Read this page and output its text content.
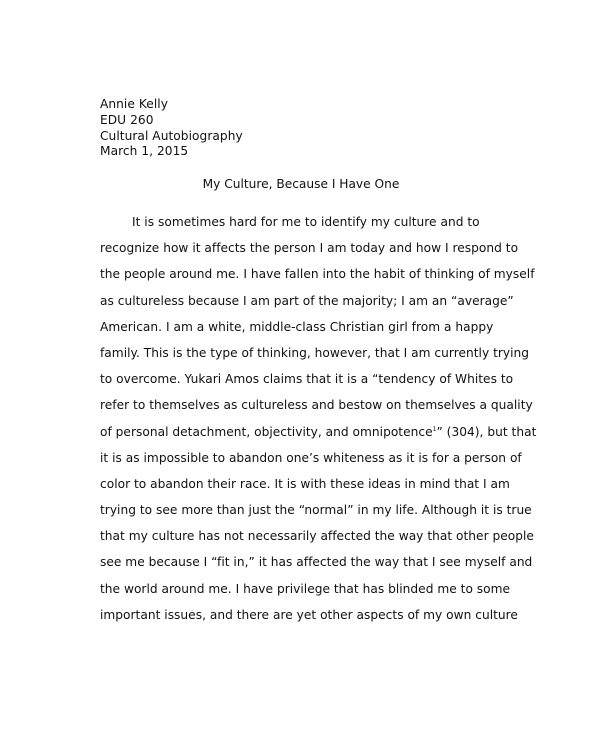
Annie Kelly
EDU 260
Cultural Autobiography
March 1, 2015
My Culture, Because I Have One
It is sometimes hard for me to identify my culture and to
recognize how it affects the person I am today and how I respond to
the people around me. I have fallen into the habit of thinking of myself
as cultureless because I am part of the majority; I am an “average”
American. I am a white, middle-class Christian girl from a happy
family. This is the type of thinking, however, that I am currently trying
to overcome. Yukari Amos claims that it is a “tendency of Whites to
refer to themselves as cultureless and bestow on themselves a quality
of personal detachment, objectivity, and omnipotence$^1$” (304), but that
it is as impossible to abandon one’s whiteness as it is for a person of
color to abandon their race. It is with these ideas in mind that I am
trying to see more than just the “normal” in my life. Although it is true
that my culture has not necessarily affected the way that other people
see me because I “fit in,” it has affected the way that I see myself and
the world around me. I have privilege that has blinded me to some
important issues, and there are yet other aspects of my own culture
